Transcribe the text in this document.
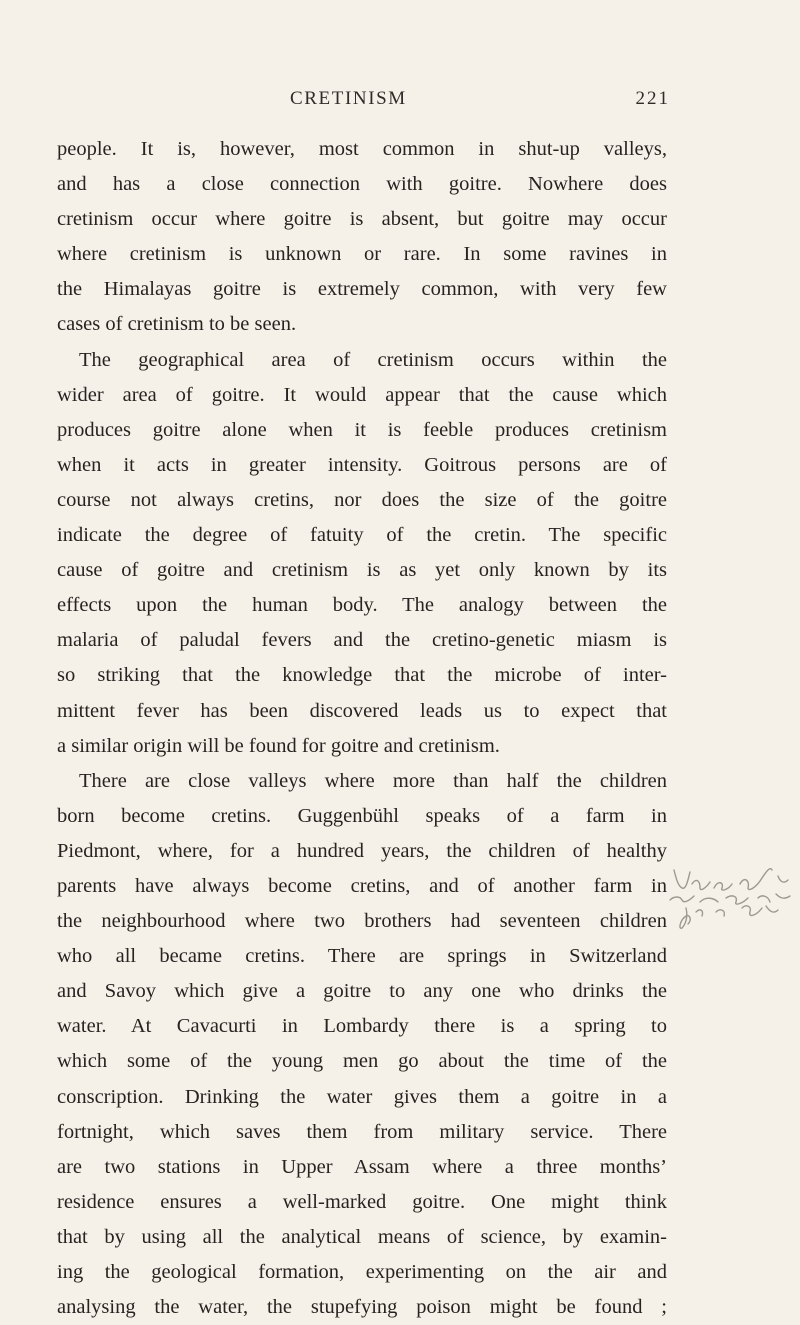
CRETINISM	221
people. It is, however, most common in shut-up valleys,
and has a close connection with goitre. Nowhere does
cretinism occur where goitre is absent, but goitre may occur
where cretinism is unknown or rare. In some ravines in
the Himalayas goitre is extremely common, with very few
cases of cretinism to be seen.
The geographical area of cretinism occurs within the
wider area of goitre. It would appear that the cause which
produces goitre alone when it is feeble produces cretinism
when it acts in greater intensity. Goitrous persons are of
course not always cretins, nor does the size of the goitre
indicate the degree of fatuity of the cretin. The specific
cause of goitre and cretinism is as yet only known by its
effects upon the human body. The analogy between the
malaria of paludal fevers and the cretino-genetic miasm is
so striking that the knowledge that the microbe of inter-
mittent fever has been discovered leads us to expect that
a similar origin will be found for goitre and cretinism.
There are close valleys where more than half the children
born become cretins. Guggenbühl speaks of a farm in
Piedmont, where, for a hundred years, the children of healthy
parents have always become cretins, and of another farm in
the neighbourhood where two brothers had seventeen children
who all became cretins. There are springs in Switzerland
and Savoy which give a goitre to any one who drinks the
water. At Cavacurti in Lombardy there is a spring to
which some of the young men go about the time of the
conscription. Drinking the water gives them a goitre in a
fortnight, which saves them from military service. There
are two stations in Upper Assam where a three months’
residence ensures a well-marked goitre. One might think
that by using all the analytical means of science, by examin-
ing the geological formation, experimenting on the air and
analysing the water, the stupefying poison might be found ;
